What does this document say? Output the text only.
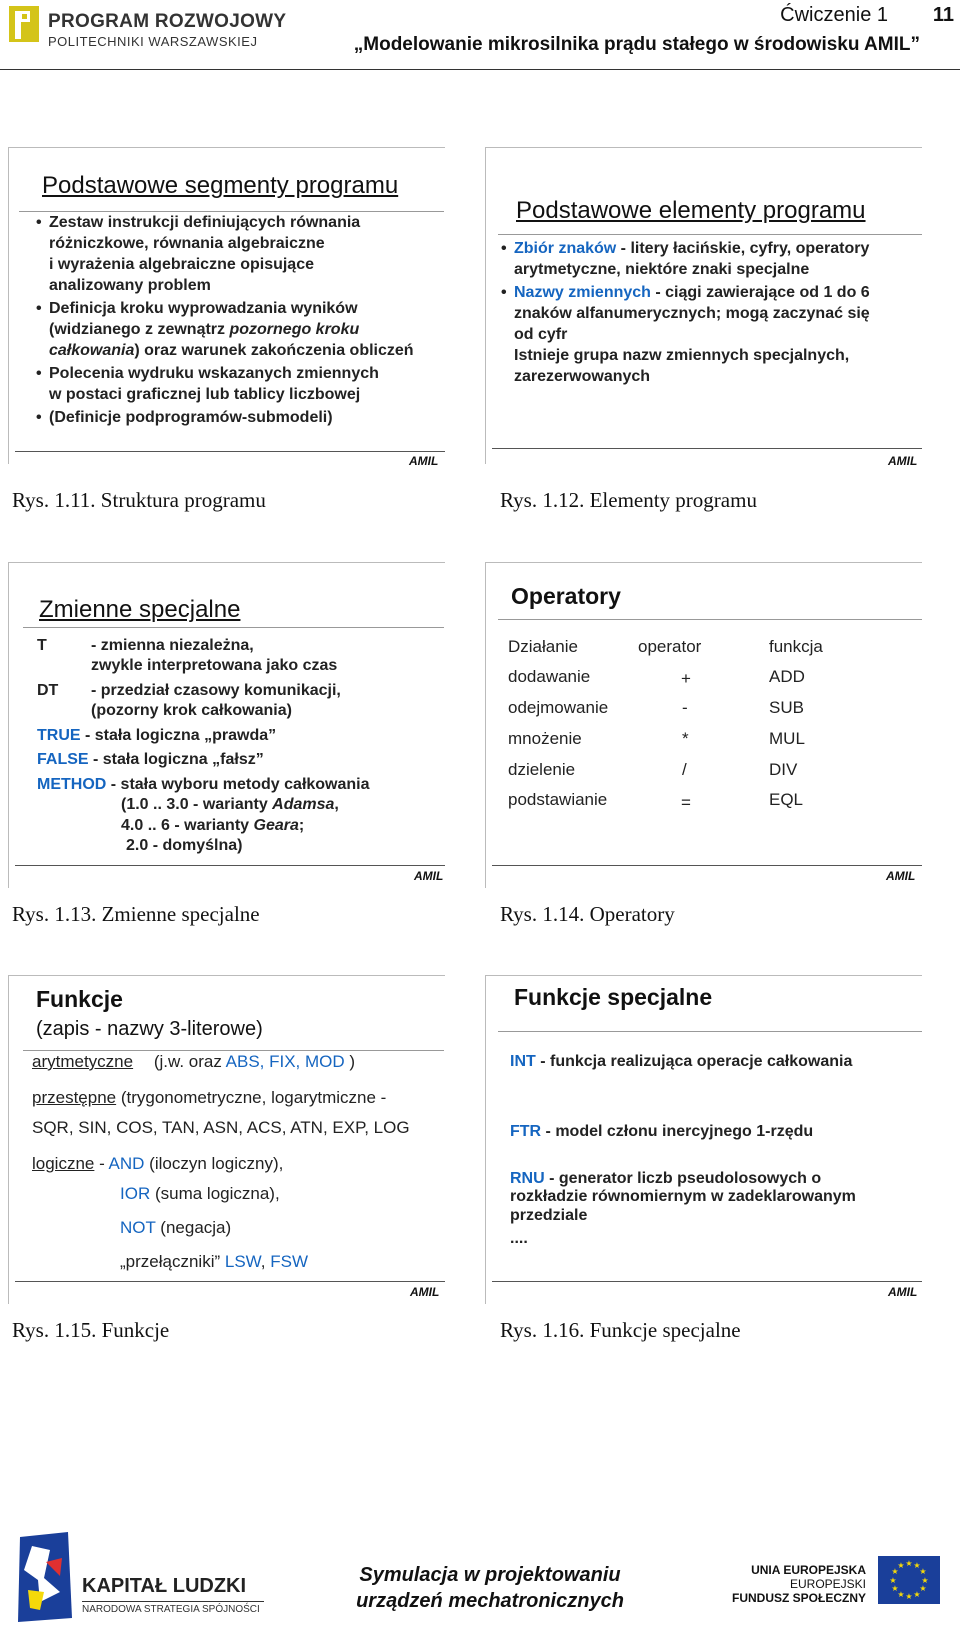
PROGRAM ROZWOJOWY
POLITECHNIKI WARSZAWSKIEJ
Ćwiczenie 1 11
„Modelowanie mikrosilnika prądu stałego w środowisku AMIL”
Podstawowe segmenty programu
• Zestaw instrukcji definiujących równania
różniczkowe, równania algebraiczne
i wyrażenia algebraiczne opisujące
analizowany problem
• Definicja kroku wyprowadzania wyników
(widzianego z zewnątrz pozornego kroku
całkowania) oraz warunek zakończenia obliczeń
• Polecenia wydruku wskazanych zmiennych
w postaci graficznej lub tablicy liczbowej
• (Definicje podprogramów-submodeli)
AMIL
Rys. 1.11. Struktura programu
Podstawowe elementy programu
• Zbiór znaków - litery łacińskie, cyfry, operatory
arytmetyczne, niektóre znaki specjalne
• Nazwy zmiennych - ciągi zawierające od 1 do 6
znaków alfanumerycznych; mogą zaczynać się
od cyfr
Istnieje grupa nazw zmiennych specjalnych,
zarezerwowanych
AMIL
Rys. 1.12. Elementy programu
Zmienne specjalne
T	- zmienna niezależna,
zwykle interpretowana jako czas
DT - przedział czasowy komunikacji,
(pozorny krok całkowania)
TRUE - stała logiczna „prawda”
FALSE - stała logiczna „fałsz”
METHOD - stała wyboru metody całkowania
(1.0 .. 3.0 - warianty Adamsa,
4.0 .. 6 - warianty Geara;
2.0 - domyślna)
AMIL
Rys. 1.13. Zmienne specjalne
Operatory
Działanie	operator	funkcja
dodawanie	+	ADD
odejmowanie	-	SUB
mnożenie	*	MUL
dzielenie	/	DIV
podstawianie	=	EQL
AMIL
Rys. 1.14. Operatory
Funkcje
(zapis - nazwy 3-literowe)
arytmetyczne (j.w. oraz ABS, FIX, MOD )
przestępne (trygonometryczne, logarytmiczne -
SQR, SIN, COS, TAN, ASN, ACS, ATN, EXP, LOG
logiczne - AND (iloczyn logiczny),
IOR (suma logiczna),
NOT (negacja)
„przełączniki” LSW, FSW
AMIL
Rys. 1.15. Funkcje
Funkcje specjalne
INT - funkcja realizująca operacje całkowania
FTR - model członu inercyjnego 1-rzędu
RNU - generator liczb pseudolosowych o
rozkładzie równomiernym w zadeklarowanym
przedziale
....
AMIL
Rys. 1.16. Funkcje specjalne
KAPITAŁ LUDZKI
NARODOWA STRATEGIA SPÓJNOŚCI
Symulacja w projektowaniu
urządzeń mechatronicznych
UNIA EUROPEJSKA
EUROPEJSKI
FUNDUSZ SPOŁECZNY
★ ★
★
★
★
★
★
★
★
★
★
★
